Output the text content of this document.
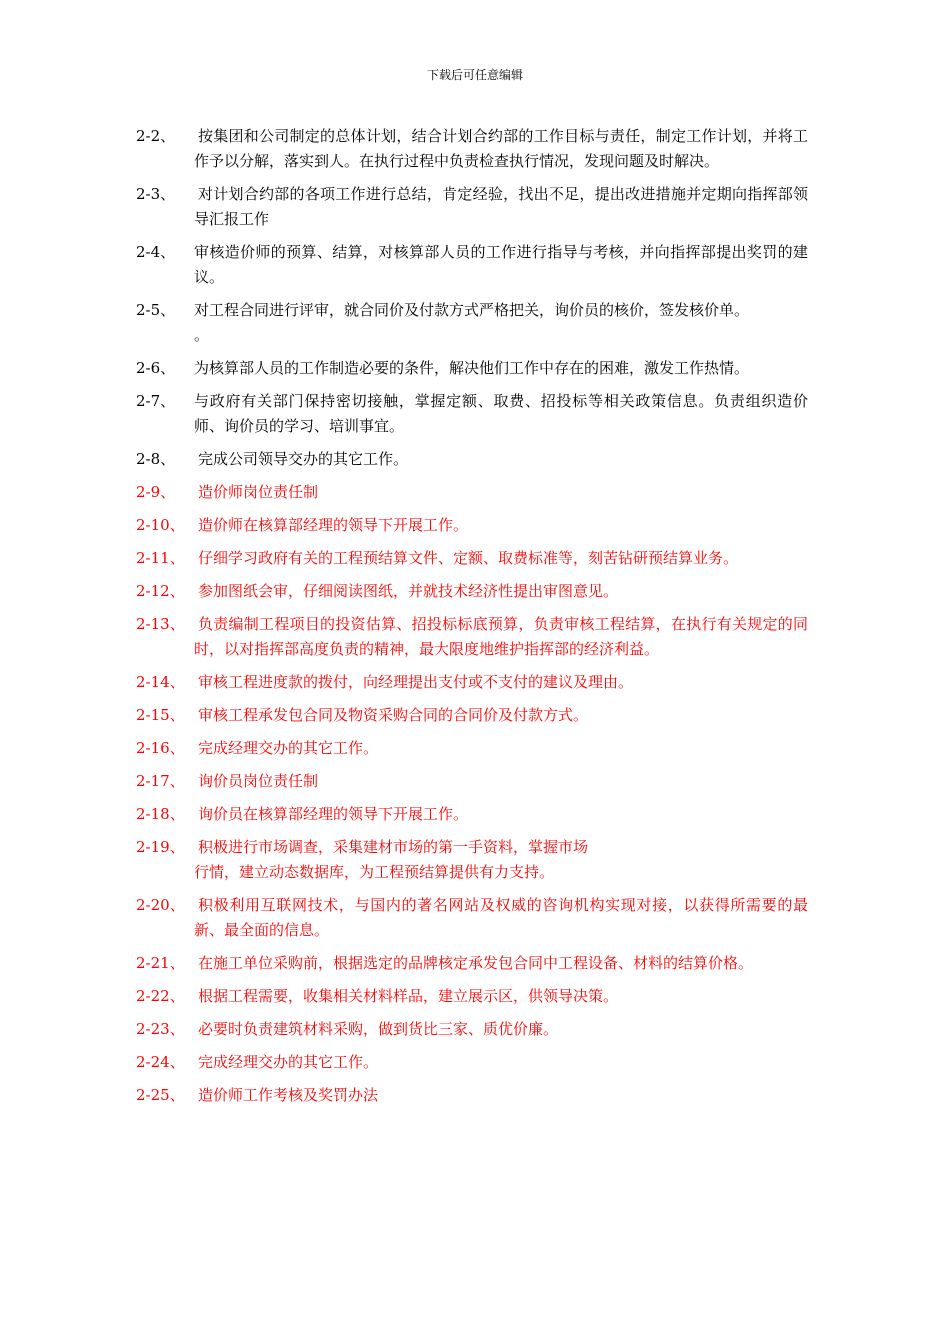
下载后可任意编辑
2-2、	按集团和公司制定的总体计划，结合计划合约部的工作目标与责任，制定工作计划，并将工作予以分解，落实到人。在执行过程中负责检查执行情况，发现问题及时解决。
2-3、	对计划合约部的各项工作进行总结，肯定经验，找出不足，提出改进措施并定期向指挥部领导汇报工作
2-4、	审核造价师的预算、结算，对核算部人员的工作进行指导与考核，并向指挥部提出奖罚的建议。
2-5、	对工程合同进行评审，就合同价及付款方式严格把关，询价员的核价，签发核价单。
。
2-6、	为核算部人员的工作制造必要的条件，解决他们工作中存在的困难，激发工作热情。
2-7、	与政府有关部门保持密切接触，掌握定额、取费、招投标等相关政策信息。负责组织造价师、询价员的学习、培训事宜。
2-8、	完成公司领导交办的其它工作。
2-9、	造价师岗位责任制
2-10、 造价师在核算部经理的领导下开展工作。
2-11、 仔细学习政府有关的工程预结算文件、定额、取费标准等，刻苦钻研预结算业务。
2-12、 参加图纸会审，仔细阅读图纸，并就技术经济性提出审图意见。
2-13、 负责编制工程项目的投资估算、招投标标底预算，负责审核工程结算，在执行有关规定的同时，以对指挥部高度负责的精神，最大限度地维护指挥部的经济利益。
2-14、 审核工程进度款的拨付，向经理提出支付或不支付的建议及理由。
2-15、 审核工程承发包合同及物资采购合同的合同价及付款方式。
2-16、 完成经理交办的其它工作。
2-17、 询价员岗位责任制
2-18、 询价员在核算部经理的领导下开展工作。
2-19、 积极进行市场调查，采集建材市场的第一手资料，掌握市场
行情，建立动态数据库，为工程预结算提供有力支持。
2-20、 积极利用互联网技术，与国内的著名网站及权威的咨询机构实现对接，以获得所需要的最新、最全面的信息。
2-21、 在施工单位采购前，根据选定的品牌核定承发包合同中工程设备、材料的结算价格。
2-22、 根据工程需要，收集相关材料样品，建立展示区，供领导决策。
2-23、 必要时负责建筑材料采购，做到货比三家、质优价廉。
2-24、 完成经理交办的其它工作。
2-25、 造价师工作考核及奖罚办法
